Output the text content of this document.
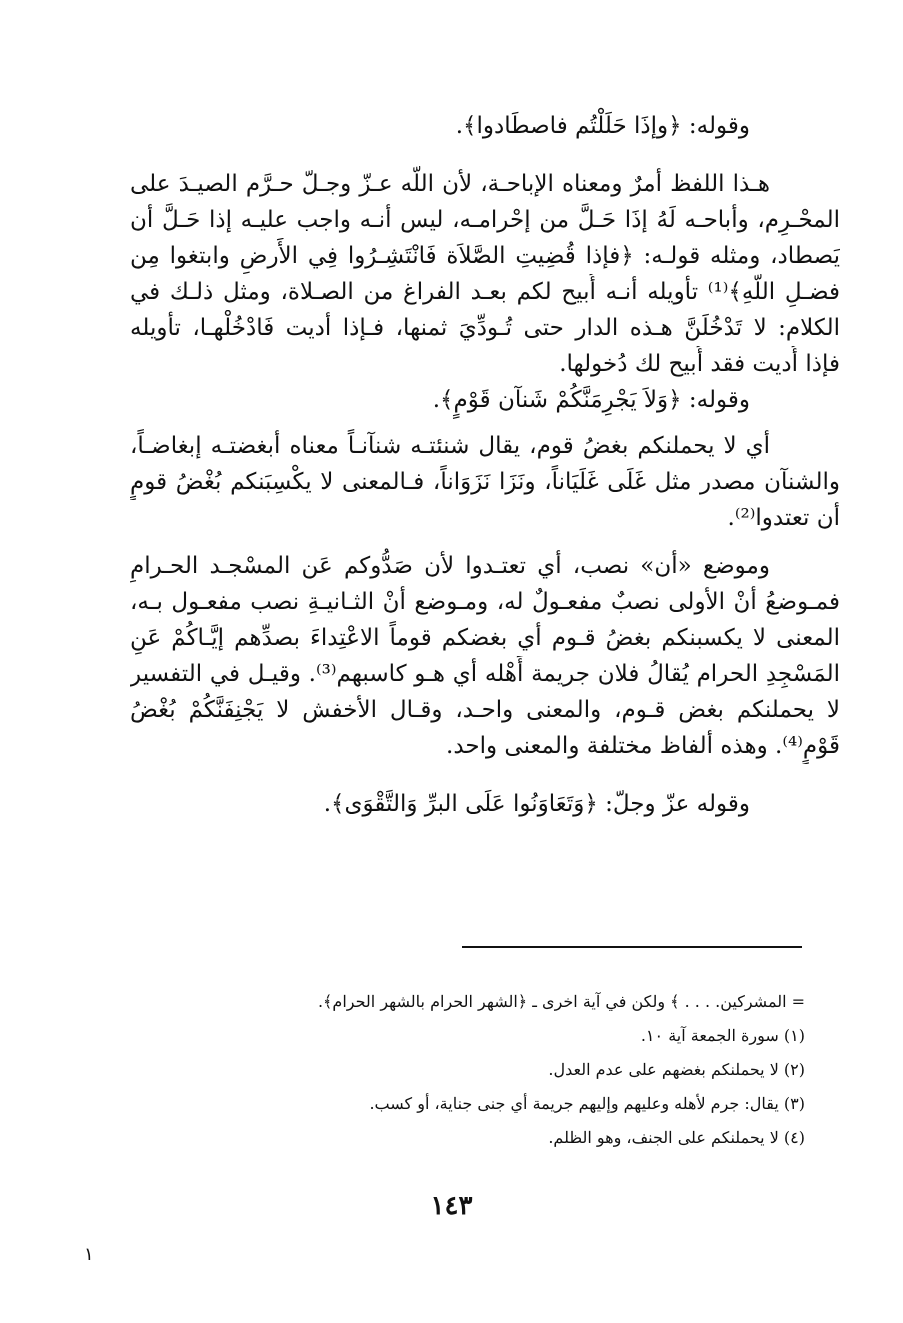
وقوله: ﴿وإذَا حَلَلْتُم فاصطَادوا﴾.
هـذا اللفظ أمرٌ ومعناه الإباحـة، لأن اللّه عـزّ وجـلّ حـرَّم الصيـدَ على
المحْـرِم، وأباحـه لَهُ إذَا حَـلَّ من إحْرامـه، ليس أنـه واجب عليـه إذا حَـلَّ أن
يَصطاد، ومثله قولـه: ﴿فإذا قُضِيتِ الصَّلاَة فَانْتَشِـرُوا فِي الأَرضِ وابتغوا مِن
فضـلِ اللّهِ﴾⁽¹⁾ تأويله أنـه أُبيح لكم بعـد الفراغ من الصـلاة، ومثل ذلـك في
الكلام: لا تَدْخُلَنَّ هـذه الدار حتى تُـودِّيَ ثمنها، فـإذا أديت فَادْخُلْهـا، تأويله
فإذا أُديت فقد أُبيح لك دُخولها.
وقوله: ﴿وَلاَ يَجْرِمَنَّكُمْ شَنآن قَوْمٍ﴾.
أي لا يحملنكم بغضُ قوم، يقال شنئتـه شنآنـاً معناه أبغضتـه إبغاضـاً،
والشنآن مصدر مثل غَلَى غَلَيَاناً، ونَزَا نَزَوَاناً، فـالمعنى لا يكْسِبَنكم بُغْضُ قومٍ
أن تعتدوا⁽²⁾.
وموضع «أن» نصب، أي تعتـدوا لأن صَدُّوكم عَن المسْجـد الحـرامِ
فمـوضعُ أنْ الأولى نصبٌ مفعـولٌ له، ومـوضع أنْ الثـانيـةِ نصب مفعـول بـه،
المعنى لا يكسبنكم بغضُ قـوم أي بغضكم قوماً الاعْتِداءَ بصدِّهم إيَّـاكُمْ عَنِ
المَسْجِدِ الحرام يُقالُ فلان جريمة أَهْله أي هـو كاسبهم⁽³⁾. وقيـل في التفسير
لا يحملنكم بغض قـوم، والمعنى واحـد، وقـال الأخفش لا يَجْنِفَنَّكُمْ بُغْضُ
قَوْمٍ⁽⁴⁾. وهذه ألفاظ مختلفة والمعنى واحد.
وقوله عزّ وجلّ: ﴿وَتَعَاوَنُوا عَلَى البرِّ وَالتَّقْوَى﴾.
= المشركين. . . . ﴾ ولكن في آية اخرى ـ ﴿الشهر الحرام بالشهر الحرام﴾.
(١) سورة الجمعة آية ١٠.
(٢) لا يحملنكم بغضهم على عدم العدل.
(٣) يقال: جرم لأهله وعليهم وإليهم جريمة أي جنى جناية، أو كسب.
(٤) لا يحملنكم على الجنف، وهو الظلم.
١٤٣
١
